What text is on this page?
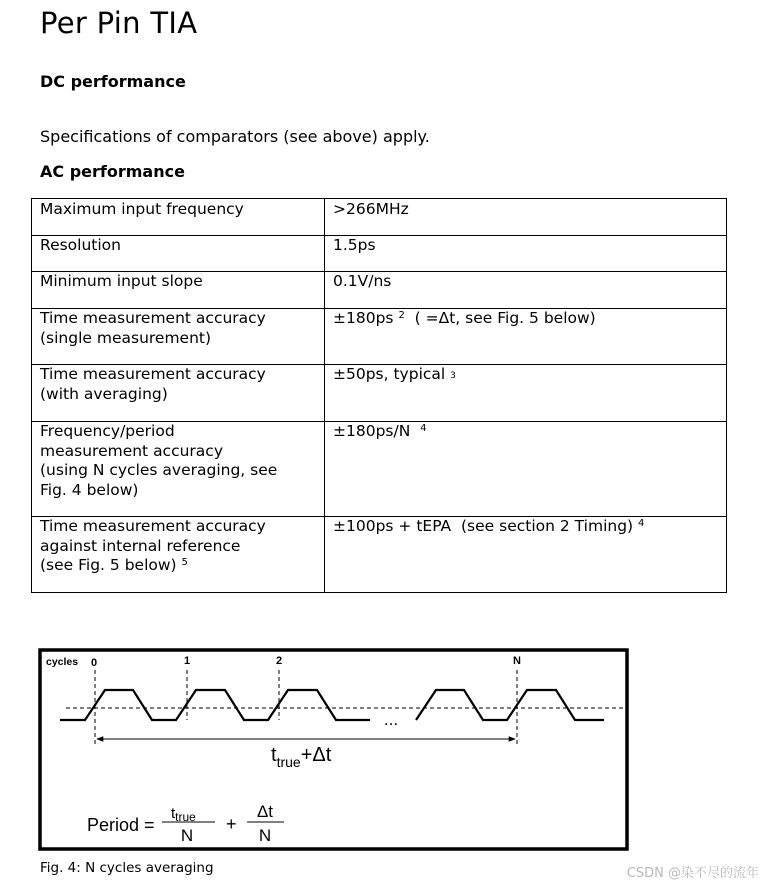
Per Pin TIA
DC performance
Specifications of comparators (see above) apply.
AC performance
Maximum input frequency	>266MHz
Resolution	1.5ps
Minimum input slope	0.1V/ns

Time measurement accuracy
(single measurement)	±180ps $^2$  ( =Δt, see Fig. 5 below)

Time measurement accuracy
(with averaging)	±50ps, typical 3

Frequency/period
measurement accuracy
(using N cycles averaging, see
Fig. 4 below)	±180ps/N  $^4$

Time measurement accuracy
against internal reference
(see Fig. 5 below) $^5$	±100ps + tEPA  (see section 2 Timing) $^4$
cycles 0	1	2	N
...
$t_{true}+\Delta t$
Period =
$t_{true}$
N
+
Δt
N
Fig. 4: N cycles averaging	CSDN @染不尽的流年
